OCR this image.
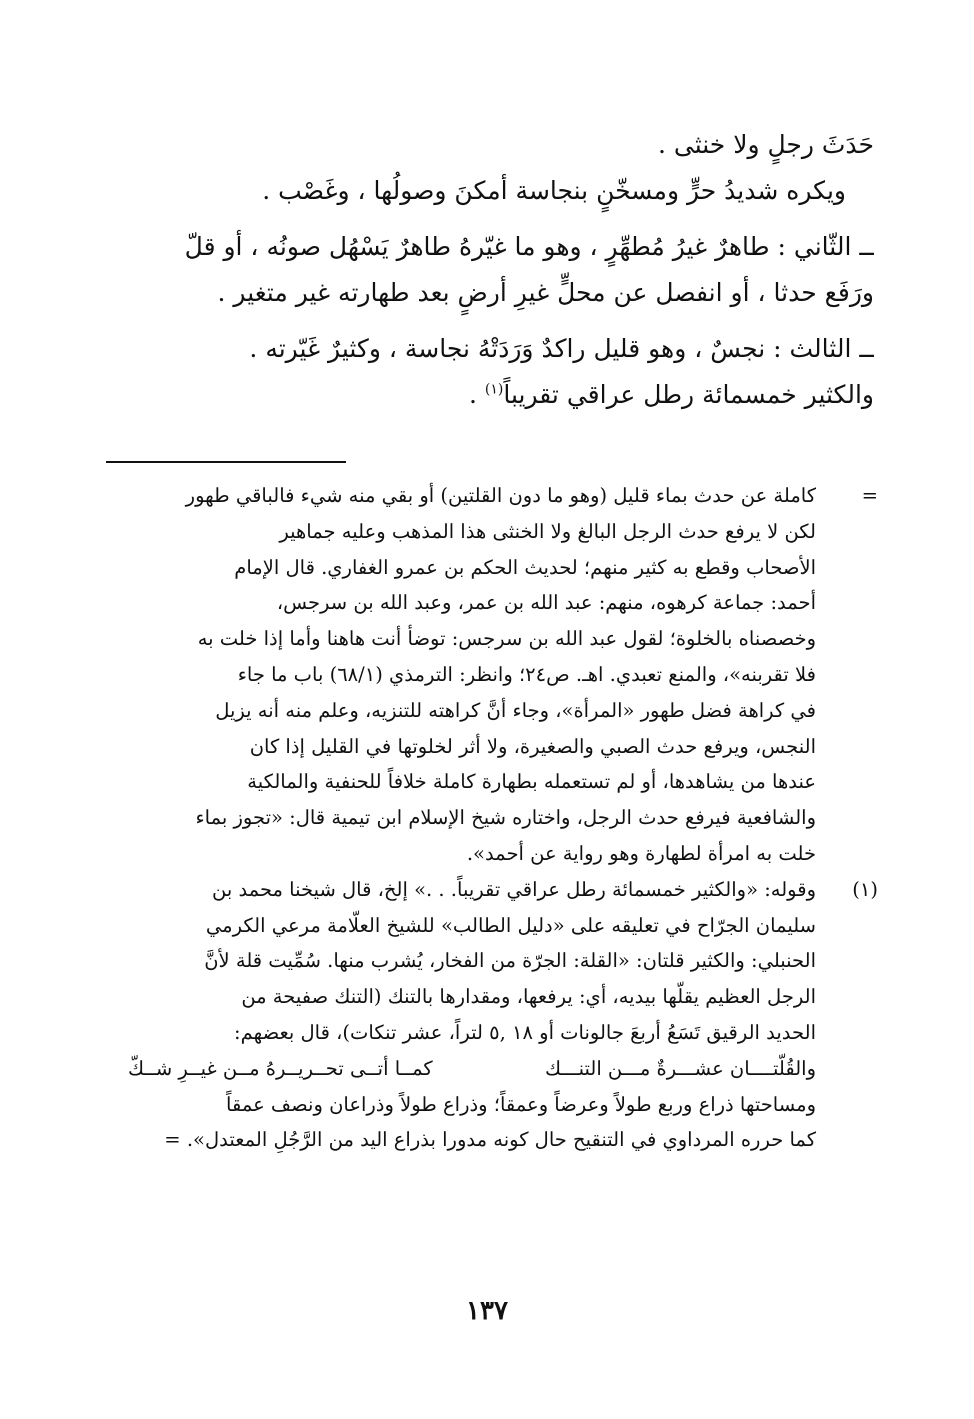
حَدَثَ رجلٍ ولا خنثى .
ويكره شديدُ حرٍّ ومسخّنٍ بنجاسة أمكنَ وصولُها ، وغَصْب .
ــ الثّاني : طاهرٌ غيرُ مُطهِّرٍ ، وهو ما غيّرهُ طاهرٌ يَسْهُل صونُه ، أو قلّ
ورَفَع حدثا ، أو انفصل عن محلٍّ غيرِ أرضٍ بعد طهارته غير متغير .
ــ الثالث : نجسٌ ، وهو قليل راكدٌ وَرَدَتْهُ نجاسة ، وكثيرٌ غَيّرته .
والكثير خمسمائة رطل عراقي تقريباً$^{(١)}$ .
=
كاملة عن حدث بماء قليل (وهو ما دون القلتين) أو بقي منه شيء فالباقي طهور
لكن لا يرفع حدث الرجل البالغ ولا الخنثى هذا المذهب وعليه جماهير
الأصحاب وقطع به كثير منهم؛ لحديث الحكم بن عمرو الغفاري. قال الإمام
أحمد: جماعة كرهوه، منهم: عبد الله بن عمر، وعبد الله بن سرجس،
وخصصناه بالخلوة؛ لقول عبد الله بن سرجس: توضأ أنت هاهنا وأما إذا خلت به
فلا تقربنه»، والمنع تعبدي. اهـ. ص٢٤؛ وانظر: الترمذي (٦٨/١) باب ما جاء
في كراهة فضل طهور «المرأة»، وجاء أنَّ كراهته للتنزيه، وعلم منه أنه يزيل
النجس، ويرفع حدث الصبي والصغيرة، ولا أثر لخلوتها في القليل إذا كان
عندها من يشاهدها، أو لم تستعمله بطهارة كاملة خلافاً للحنفية والمالكية
والشافعية فيرفع حدث الرجل، واختاره شيخ الإسلام ابن تيمية قال: «تجوز بماء
خلت به امرأة لطهارة وهو رواية عن أحمد».
(١)
وقوله: «والكثير خمسمائة رطل عراقي تقريباً. . .» إلخ، قال شيخنا محمد بن
سليمان الجرّاح في تعليقه على «دليل الطالب» للشيخ العلّامة مرعي الكرمي
الحنبلي: والكثير قلتان: «القلة: الجرّة من الفخار، يُشرب منها. سُمِّيت قلة لأنَّ
الرجل العظيم يقلّها بيديه، أي: يرفعها، ومقدارها بالتنك (التنك صفيحة من
الحديد الرقيق تَسَعُ أربعَ جالونات أو ١٨ ,٥ لتراً، عشر تنكات)، قال بعضهم:
والقُلّتــــان عشـــرةٌ مـــن التنـــك
كمــا أتــى تحــريــرهُ مــن غيــرِ شــكّ
ومساحتها ذراع وربع طولاً وعرضاً وعمقاً؛ وذراع طولاً وذراعان ونصف عمقاً
كما حرره المرداوي في التنقيح حال كونه مدورا بذراع اليد من الرَّجُلِ المعتدل». =
١٣٧
